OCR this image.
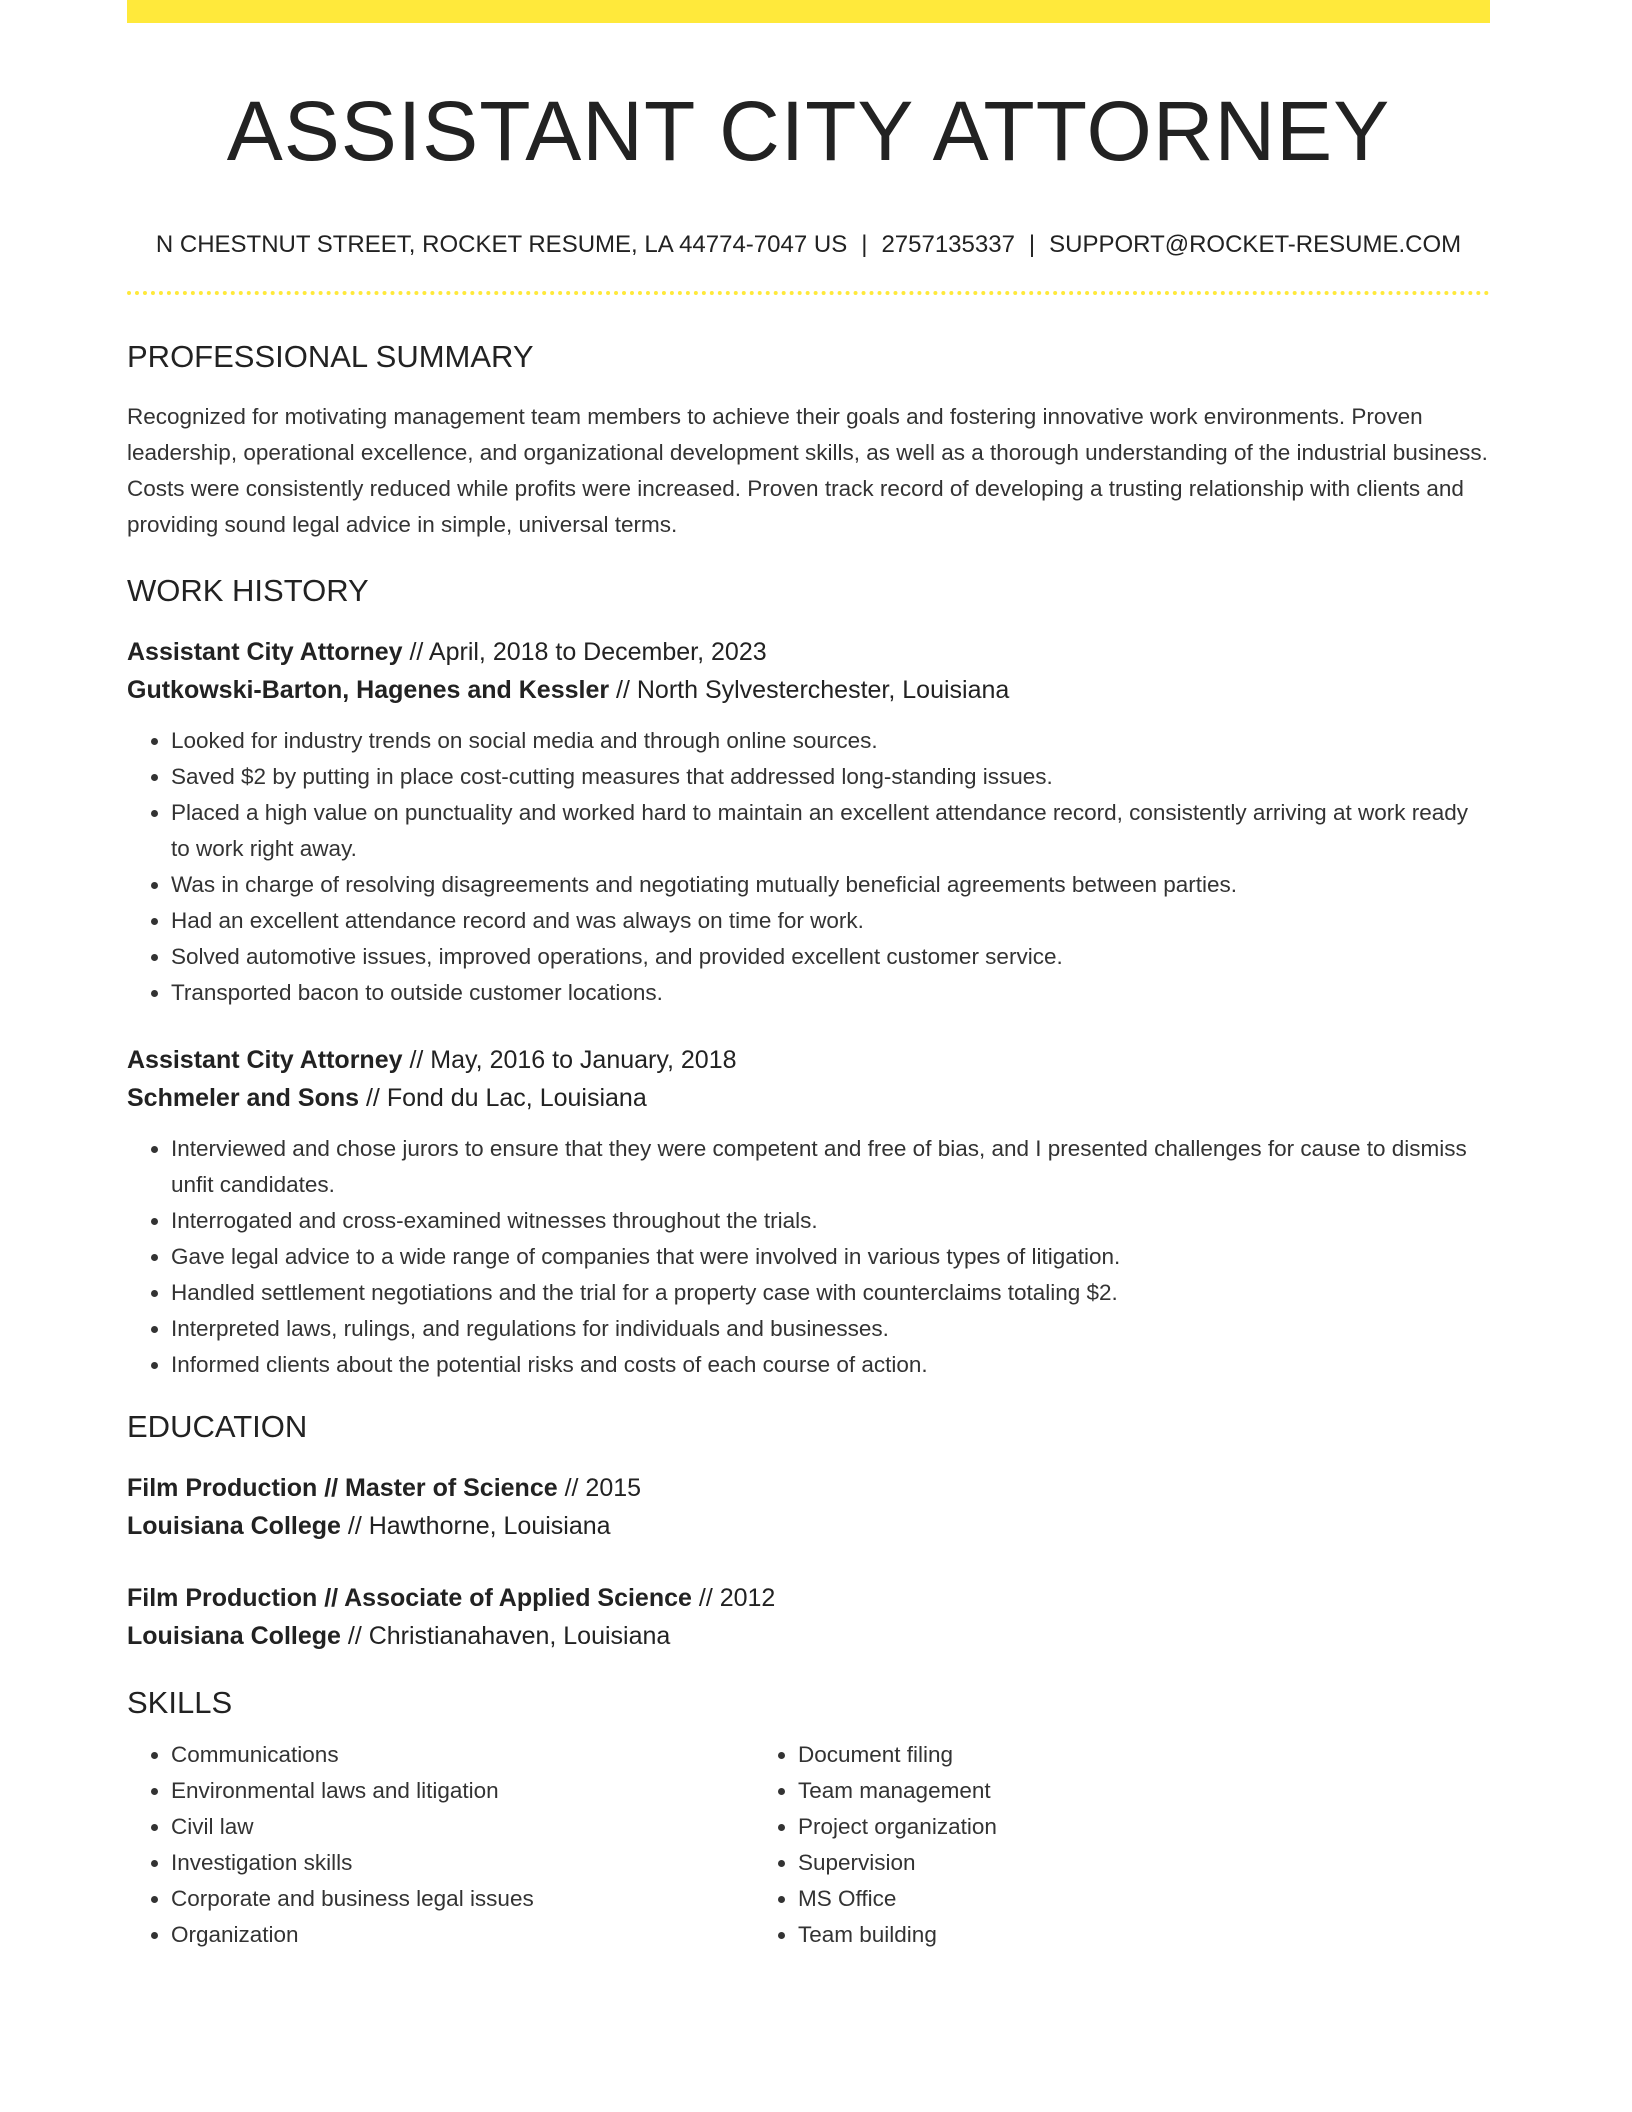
ASSISTANT CITY ATTORNEY
N CHESTNUT STREET, ROCKET RESUME, LA 44774-7047 US | 2757135337 | SUPPORT@ROCKET-RESUME.COM
PROFESSIONAL SUMMARY
Recognized for motivating management team members to achieve their goals and fostering innovative work environments. Proven leadership, operational excellence, and organizational development skills, as well as a thorough understanding of the industrial business. Costs were consistently reduced while profits were increased. Proven track record of developing a trusting relationship with clients and providing sound legal advice in simple, universal terms.
WORK HISTORY
Assistant City Attorney // April, 2018 to December, 2023
Gutkowski-Barton, Hagenes and Kessler // North Sylvesterchester, Louisiana
• Looked for industry trends on social media and through online sources.
• Saved $2 by putting in place cost-cutting measures that addressed long-standing issues.
• Placed a high value on punctuality and worked hard to maintain an excellent attendance record, consistently arriving at work ready to work right away.
• Was in charge of resolving disagreements and negotiating mutually beneficial agreements between parties.
• Had an excellent attendance record and was always on time for work.
• Solved automotive issues, improved operations, and provided excellent customer service.
• Transported bacon to outside customer locations.
Assistant City Attorney // May, 2016 to January, 2018
Schmeler and Sons // Fond du Lac, Louisiana
• Interviewed and chose jurors to ensure that they were competent and free of bias, and I presented challenges for cause to dismiss unfit candidates.
• Interrogated and cross-examined witnesses throughout the trials.
• Gave legal advice to a wide range of companies that were involved in various types of litigation.
• Handled settlement negotiations and the trial for a property case with counterclaims totaling $2.
• Interpreted laws, rulings, and regulations for individuals and businesses.
• Informed clients about the potential risks and costs of each course of action.
EDUCATION
Film Production // Master of Science // 2015
Louisiana College // Hawthorne, Louisiana
Film Production // Associate of Applied Science // 2012
Louisiana College // Christianahaven, Louisiana
SKILLS
• Communications
• Environmental laws and litigation
• Civil law
• Investigation skills
• Corporate and business legal issues
• Organization
• Document filing
• Team management
• Project organization
• Supervision
• MS Office
• Team building
